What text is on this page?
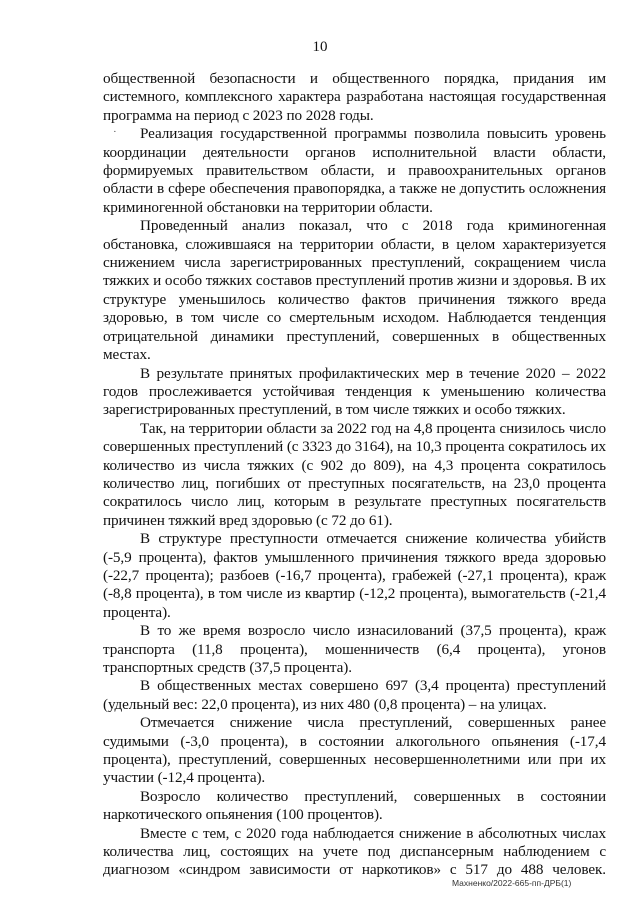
10
·

общественной безопасности и общественного порядка, придания им системного, комплексного характера разработана настоящая государственная программа на период с 2023 по 2028 годы.

Реализация государственной программы позволила повысить уровень координации деятельности органов исполнительной власти области, формируемых правительством области, и правоохранительных органов области в сфере обеспечения правопорядка, а также не допустить осложнения криминогенной обстановки на территории области.

Проведенный анализ показал, что с 2018 года криминогенная обстановка, сложившаяся на территории области, в целом характеризуется снижением числа зарегистрированных преступлений, сокращением числа тяжких и особо тяжких составов преступлений против жизни и здоровья. В их структуре уменьшилось количество фактов причинения тяжкого вреда здоровью, в том числе со смертельным исходом. Наблюдается тенденция отрицательной динамики преступлений, совершенных в общественных местах.

В результате принятых профилактических мер в течение 2020 – 2022 годов прослеживается устойчивая тенденция к уменьшению количества зарегистрированных преступлений, в том числе тяжких и особо тяжких.

Так, на территории области за 2022 год на 4,8 процента снизилось число совершенных преступлений (с 3323 до 3164), на 10,3 процента сократилось их количество из числа тяжких (с 902 до 809), на 4,3 процента сократилось количество лиц, погибших от преступных посягательств, на 23,0 процента сократилось число лиц, которым в результате преступных посягательств причинен тяжкий вред здоровью (с 72 до 61).

В структуре преступности отмечается снижение количества убийств (-5,9 процента), фактов умышленного причинения тяжкого вреда здоровью (-22,7 процента); разбоев (-16,7 процента), грабежей (-27,1 процента), краж (-8,8 процента), в том числе из квартир (-12,2 процента), вымогательств (-21,4 процента).

В то же время возросло число изнасилований (37,5 процента), краж транспорта (11,8 процента), мошенничеств (6,4 процента), угонов транспортных средств (37,5 процента).

В общественных местах совершено 697 (3,4 процента) преступлений (удельный вес: 22,0 процента), из них 480 (0,8 процента) – на улицах.

Отмечается снижение числа преступлений, совершенных ранее судимыми (-3,0 процента), в состоянии алкогольного опьянения (-17,4 процента), преступлений, совершенных несовершеннолетними или при их участии (-12,4 процента).

Возросло количество преступлений, совершенных в состоянии наркотического опьянения (100 процентов).

Вместе с тем, с 2020 года наблюдается снижение в абсолютных числах количества лиц, состоящих на учете под диспансерным наблюдением с диагнозом «синдром зависимости от наркотиков» с 517 до 488 человек.

Махненко/2022-665-пп-ДРБ(1)
